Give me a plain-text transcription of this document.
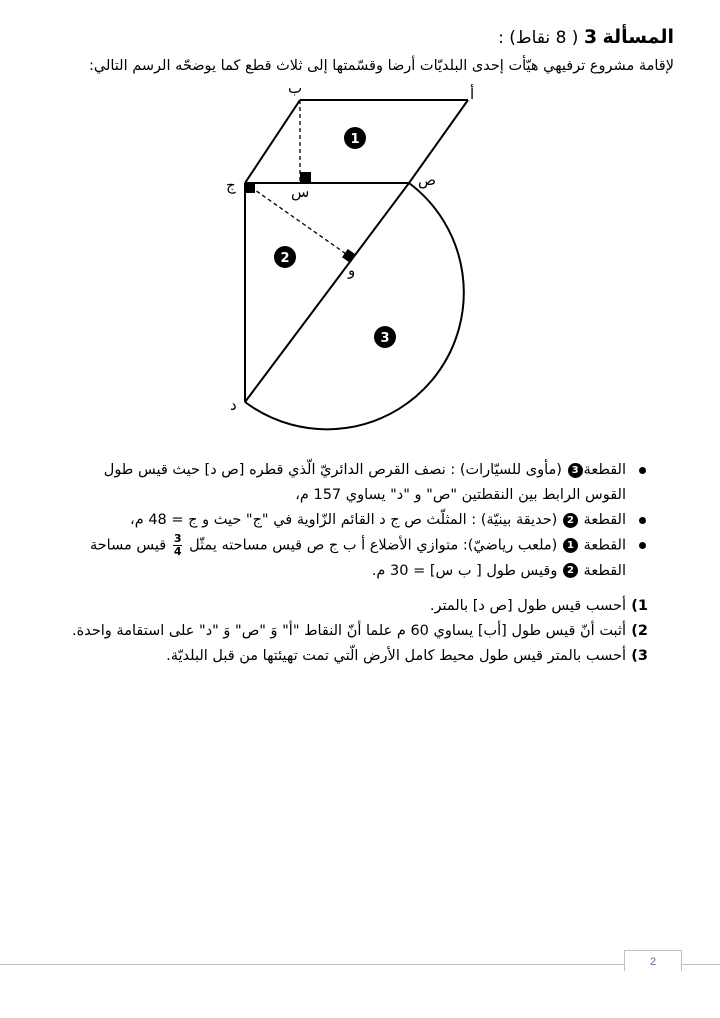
المسألة 3 ( 8 نقاط) :
لإقامة مشروع ترفيهي هيّأت إحدى البلديّات أرضا وقسّمتها إلى ثلاث قطع كما يوضحّه الرسم التالي:
أ
ب
ج	س
ص
و
د
1
2
3
القطعة3 (مأوى للسيّارات) : نصف القرص الدائريّ الّذي قطره [ص د] حيث قيس طول
القوس الرابط بين النقطتين "ص" و "د" يساوي 157 م،
القطعة 2 (حديقة بينيّة) : المثلّث ص ج د القائم الزّاوية في "ج" حيث و ج = 48 م،
القطعة 1 (ملعب رياضيّ): متوازي الأضلاع أ ب ج ص قيس مساحته يمثّل
$\frac{3}{4}$
قيس مساحة
القطعة 2 وقيس طول [ ب س] = 30 م.
1)
أحسب قيس طول [ص د] بالمتر.
2)
أثبت أنّ قيس طول [أب] يساوي 60 م علما أنّ النقاط "أ" وَ "ص" وَ "د" على استقامة واحدة.
3)
أحسب بالمتر قيس طول محيط كامل الأرض الّتي تمت تهيئتها من قبل البلديّة.
2
